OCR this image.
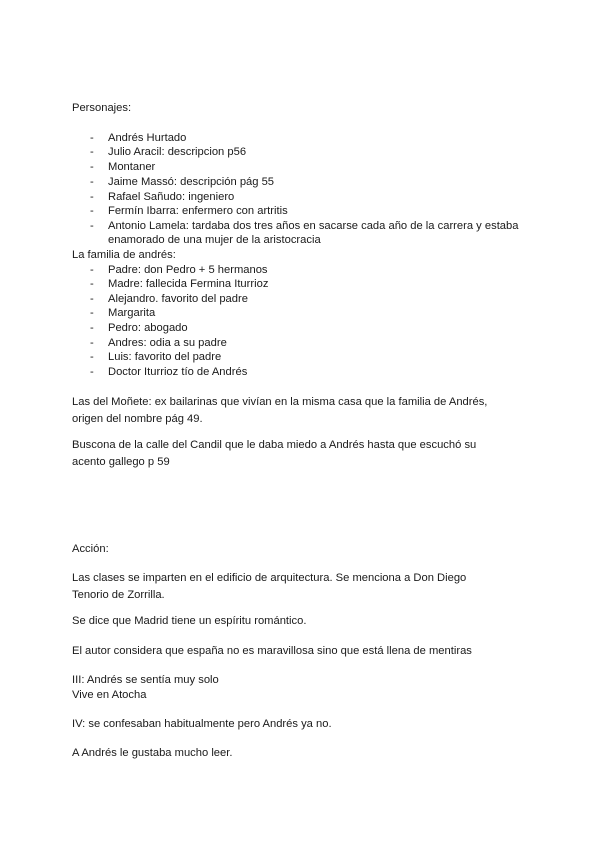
Personajes:
- Andrés Hurtado
- Julio Aracil: descripcion p56
- Montaner
- Jaime Massó: descripción pág 55
- Rafael Sañudo: ingeniero
- Fermín Ibarra: enfermero con artritis
- Antonio Lamela: tardaba dos tres años en sacarse cada año de la carrera y estaba enamorado de una mujer de la aristocracia
La familia de andrés:
- Padre: don Pedro + 5 hermanos
- Madre: fallecida Fermina Iturrioz
- Alejandro. favorito del padre
- Margarita
- Pedro: abogado
- Andres: odia a su padre
- Luis: favorito del padre
- Doctor Iturrioz tío de Andrés
Las del Moñete: ex bailarinas que vivían en la misma casa que la familia de Andrés, origen del nombre pág 49.
Buscona de la calle del Candil que le daba miedo a Andrés hasta que escuchó su acento gallego p 59
Acción:
Las clases se imparten en el edificio de arquitectura. Se menciona a Don Diego Tenorio de Zorrilla.
Se dice que Madrid tiene un espíritu romántico.
El autor considera que españa no es maravillosa sino que está llena de mentiras
III: Andrés se sentía muy solo
Vive en Atocha
IV: se confesaban habitualmente pero Andrés ya no.
A Andrés le gustaba mucho leer.
